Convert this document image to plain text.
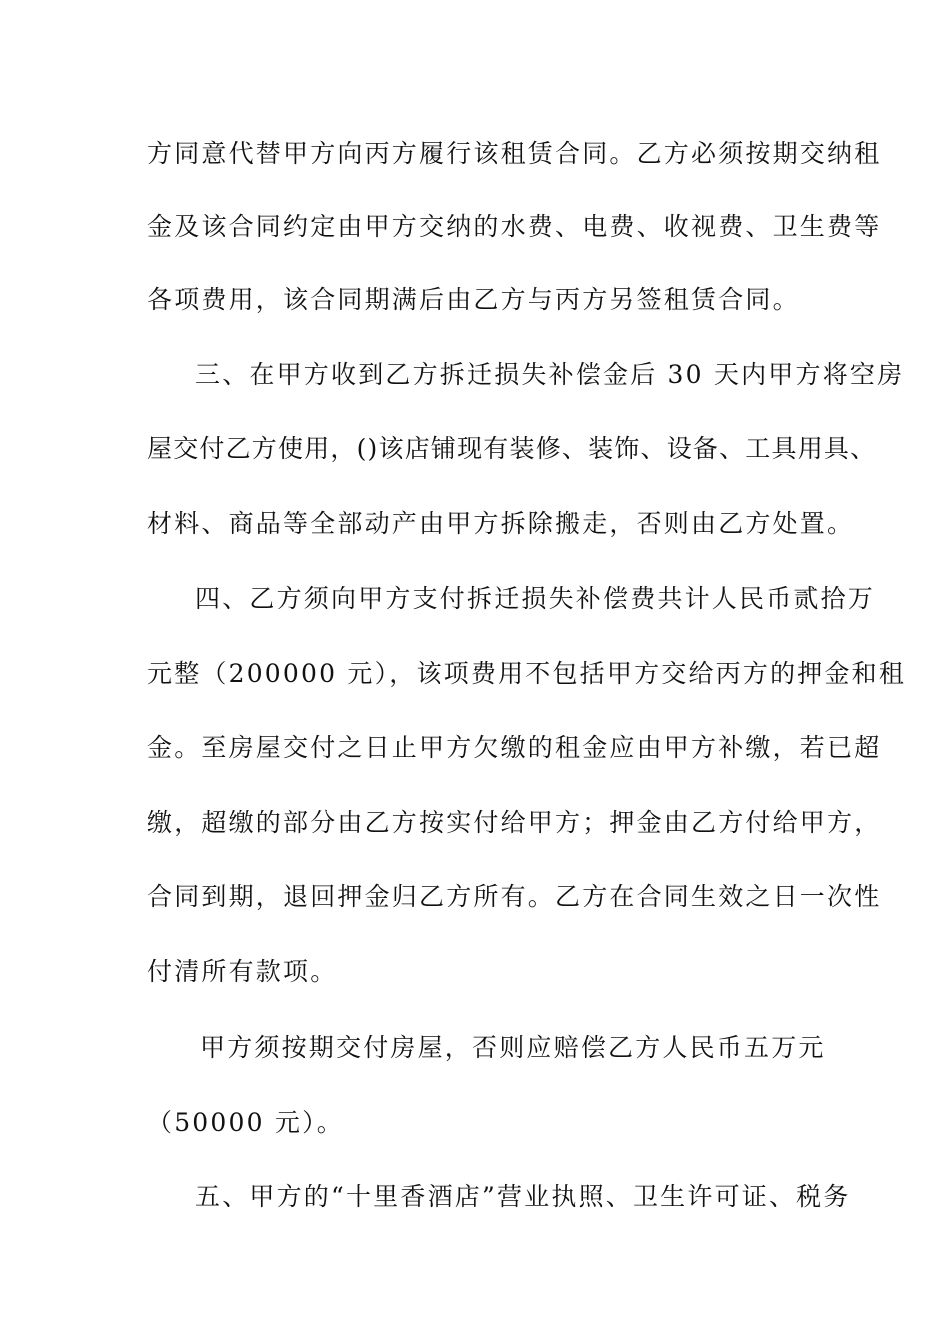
方同意代替甲方向丙方履行该租赁合同。乙方必须按期交纳租
金及该合同约定由甲方交纳的水费、电费、收视费、卫生费等
各项费用，该合同期满后由乙方与丙方另签租赁合同。
三、在甲方收到乙方拆迁损失补偿金后 30 天内甲方将空房
屋交付乙方使用，()该店铺现有装修、装饰、设备、工具用具、
材料、商品等全部动产由甲方拆除搬走，否则由乙方处置。
四、乙方须向甲方支付拆迁损失补偿费共计人民币贰拾万
元整（200000 元），该项费用不包括甲方交给丙方的押金和租
金。至房屋交付之日止甲方欠缴的租金应由甲方补缴，若已超
缴，超缴的部分由乙方按实付给甲方；押金由乙方付给甲方，
合同到期，退回押金归乙方所有。乙方在合同生效之日一次性
付清所有款项。
甲方须按期交付房屋，否则应赔偿乙方人民币五万元
（50000 元）。
五、甲方的“十里香酒店”营业执照、卫生许可证、税务
